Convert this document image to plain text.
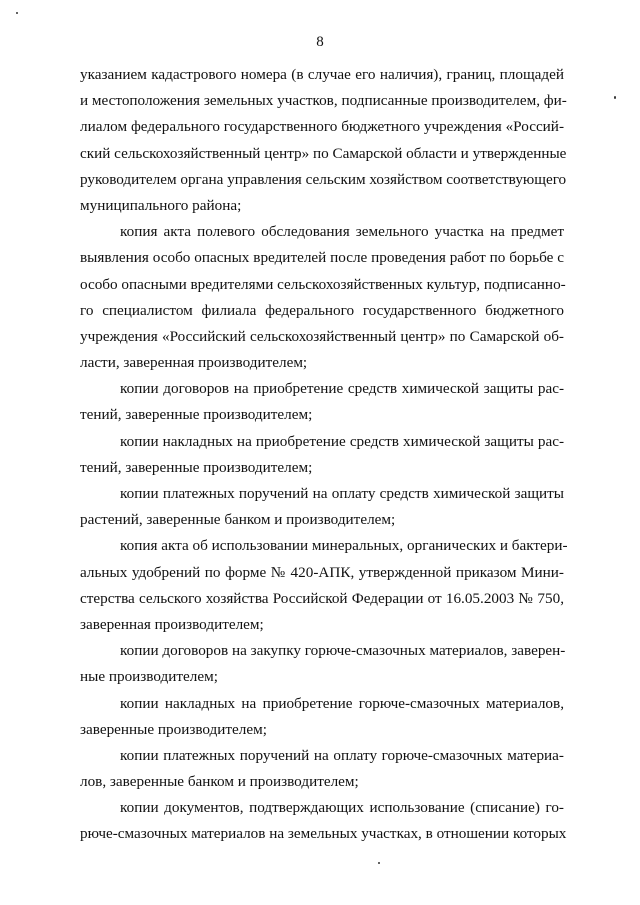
8
указанием кадастрового номера (в случае его наличия), границ, площадей
и местоположения земельных участков, подписанные производителем, фи-
лиалом федерального государственного бюджетного учреждения «Россий-
ский сельскохозяйственный центр» по Самарской области и утвержденные
руководителем органа управления сельским хозяйством соответствующего
муниципального района;
копия акта полевого обследования земельного участка на предмет
выявления особо опасных вредителей после проведения работ по борьбе с
особо опасными вредителями сельскохозяйственных культур, подписанно-
го специалистом филиала федерального государственного бюджетного
учреждения «Российский сельскохозяйственный центр» по Самарской об-
ласти, заверенная производителем;
копии договоров на приобретение средств химической защиты рас-
тений, заверенные производителем;
копии накладных на приобретение средств химической защиты рас-
тений, заверенные производителем;
копии платежных поручений на оплату средств химической защиты
растений, заверенные банком и производителем;
копия акта об использовании минеральных, органических и бактери-
альных удобрений по форме № 420-АПК, утвержденной приказом Мини-
стерства сельского хозяйства Российской Федерации от 16.05.2003 № 750,
заверенная производителем;
копии договоров на закупку горюче-смазочных материалов, заверен-
ные производителем;
копии накладных на приобретение горюче-смазочных материалов,
заверенные производителем;
копии платежных поручений на оплату горюче-смазочных материа-
лов, заверенные банком и производителем;
копии документов, подтверждающих использование (списание) го-
рюче-смазочных материалов на земельных участках, в отношении которых
